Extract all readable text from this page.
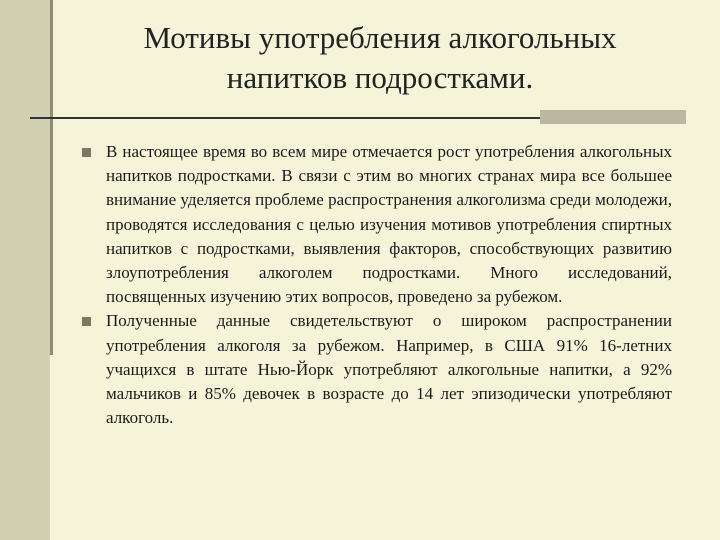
Мотивы употребления алкогольных
напитков подростками.

В настоящее время во всем мире отмечается рост употребления алкогольных напитков подростками. В связи с этим во многих странах мира все большее внимание уделяется проблеме распространения алкоголизма среди молодежи, проводятся исследования с целью изучения мотивов употребления спиртных напитков с подростками, выявления факторов, способствующих развитию злоупотребления алкоголем подростками. Много исследований, посвященных изучению этих вопросов, проведено за рубежом.

Полученные данные свидетельствуют о широком распространении употребления алкоголя за рубежом. Например, в США 91% 16-летних учащихся в штате Нью-Йорк употребляют алкогольные напитки, а 92% мальчиков и 85% девочек в возрасте до 14 лет эпизодически употребляют алкоголь.
